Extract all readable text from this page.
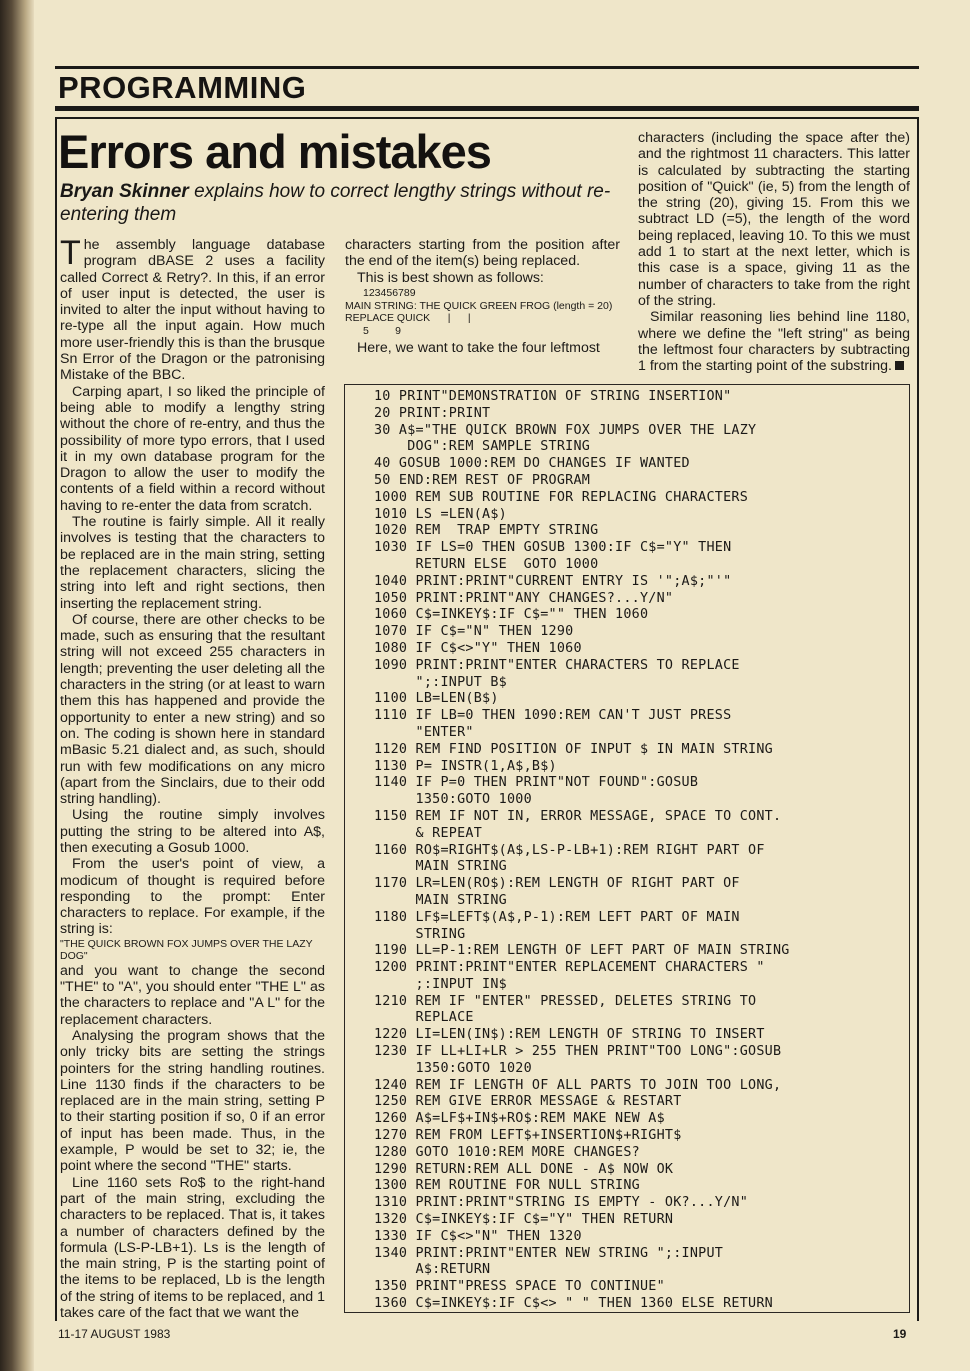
PROGRAMMING
Errors and mistakes
Bryan Skinner explains how to correct lengthy strings without re-entering them

The assembly language database program dBASE 2 uses a facility called Correct & Retry?. In this, if an error of user input is detected, the user is invited to alter the input without having to re-type all the input again. How much more user-friendly this is than the brusque Sn Error of the Dragon or the patronising Mistake of the BBC.

Carping apart, I so liked the principle of being able to modify a lengthy string without the chore of re-entry, and thus the possibility of more typo errors, that I used it in my own database program for the Dragon to allow the user to modify the contents of a field within a record without having to re-enter the data from scratch.

The routine is fairly simple. All it really involves is testing that the characters to be replaced are in the main string, setting the replacement characters, slicing the string into left and right sections, then inserting the replacement string.

Of course, there are other checks to be made, such as ensuring that the resultant string will not exceed 255 characters in length; preventing the user deleting all the characters in the string (or at least to warn them this has happened and provide the opportunity to enter a new string) and so on. The coding is shown here in standard mBasic 5.21 dialect and, as such, should run with few modifications on any micro (apart from the Sinclairs, due to their odd string handling).

Using the routine simply involves putting the string to be altered into A$, then executing a Gosub 1000.

From the user's point of view, a modicum of thought is required before responding to the prompt: Enter characters to replace. For example, if the string is:

"THE QUICK BROWN FOX JUMPS OVER THE LAZY DOG"

and you want to change the second "THE" to "A", you should enter "THE L" as the characters to replace and "A L" for the replacement characters.

Analysing the program shows that the only tricky bits are setting the strings pointers for the string handling routines. Line 1130 finds if the characters to be replaced are in the main string, setting P to their starting position if so, 0 if an error of input has been made. Thus, in the example, P would be set to 32; ie, the point where the second "THE" starts.

Line 1160 sets Ro$ to the right-hand part of the main string, excluding the characters to be replaced. That is, it takes a number of characters defined by the formula (LS-P-LB+1). Ls is the length of the main string, P is the starting point of the items to be replaced, Lb is the length of the string of items to be replaced, and 1 takes care of the fact that we want the

characters starting from the position after the end of the item(s) being replaced.

This is best shown as follows:

123456789

MAIN STRING: THE QUICK GREEN FROG (length = 20)

REPLACE QUICK      |      |

5         9

Here, we want to take the four leftmost

characters (including the space after the) and the rightmost 11 characters. This latter is calculated by subtracting the starting position of "Quick" (ie, 5) from the length of the string (20), giving 15. From this we subtract LD (=5), the length of the word being replaced, leaving 10. To this we must add 1 to start at the next letter, which is this case is a space, giving 11 as the number of characters to take from the right of the string.

Similar reasoning lies behind line 1180, where we define the "left string" as being the leftmost four characters by subtracting 1 from the starting point of the substring.

10 PRINT"DEMONSTRATION OF STRING INSERTION"
20 PRINT:PRINT
30 A$="THE QUICK BROWN FOX JUMPS OVER THE LAZY
DOG":REM SAMPLE STRING
40 GOSUB 1000:REM DO CHANGES IF WANTED
50 END:REM REST OF PROGRAM
1000 REM SUB ROUTINE FOR REPLACING CHARACTERS
1010 LS =LEN(A$)
1020 REM  TRAP EMPTY STRING
1030 IF LS=0 THEN GOSUB 1300:IF C$="Y" THEN
RETURN ELSE  GOTO 1000
1040 PRINT:PRINT"CURRENT ENTRY IS '";A$;"'"
1050 PRINT:PRINT"ANY CHANGES?...Y/N"
1060 C$=INKEY$:IF C$="" THEN 1060
1070 IF C$="N" THEN 1290
1080 IF C$<>"Y" THEN 1060
1090 PRINT:PRINT"ENTER CHARACTERS TO REPLACE
";:INPUT B$
1100 LB=LEN(B$)
1110 IF LB=0 THEN 1090:REM CAN'T JUST PRESS
"ENTER"
1120 REM FIND POSITION OF INPUT $ IN MAIN STRING
1130 P= INSTR(1,A$,B$)
1140 IF P=0 THEN PRINT"NOT FOUND":GOSUB
1350:GOTO 1000
1150 REM IF NOT IN, ERROR MESSAGE, SPACE TO CONT.
& REPEAT
1160 RO$=RIGHT$(A$,LS-P-LB+1):REM RIGHT PART OF
MAIN STRING
1170 LR=LEN(RO$):REM LENGTH OF RIGHT PART OF
MAIN STRING
1180 LF$=LEFT$(A$,P-1):REM LEFT PART OF MAIN
STRING
1190 LL=P-1:REM LENGTH OF LEFT PART OF MAIN STRING
1200 PRINT:PRINT"ENTER REPLACEMENT CHARACTERS "
;:INPUT IN$
1210 REM IF "ENTER" PRESSED, DELETES STRING TO
REPLACE
1220 LI=LEN(IN$):REM LENGTH OF STRING TO INSERT
1230 IF LL+LI+LR > 255 THEN PRINT"TOO LONG":GOSUB
1350:GOTO 1020
1240 REM IF LENGTH OF ALL PARTS TO JOIN TOO LONG,
1250 REM GIVE ERROR MESSAGE & RESTART
1260 A$=LF$+IN$+RO$:REM MAKE NEW A$
1270 REM FROM LEFT$+INSERTION$+RIGHT$
1280 GOTO 1010:REM MORE CHANGES?
1290 RETURN:REM ALL DONE - A$ NOW OK
1300 REM ROUTINE FOR NULL STRING
1310 PRINT:PRINT"STRING IS EMPTY - OK?...Y/N"
1320 C$=INKEY$:IF C$="Y" THEN RETURN
1330 IF C$<>"N" THEN 1320
1340 PRINT:PRINT"ENTER NEW STRING ";:INPUT
A$:RETURN
1350 PRINT"PRESS SPACE TO CONTINUE"
1360 C$=INKEY$:IF C$<> " " THEN 1360 ELSE RETURN
11-17 AUGUST 1983	19
